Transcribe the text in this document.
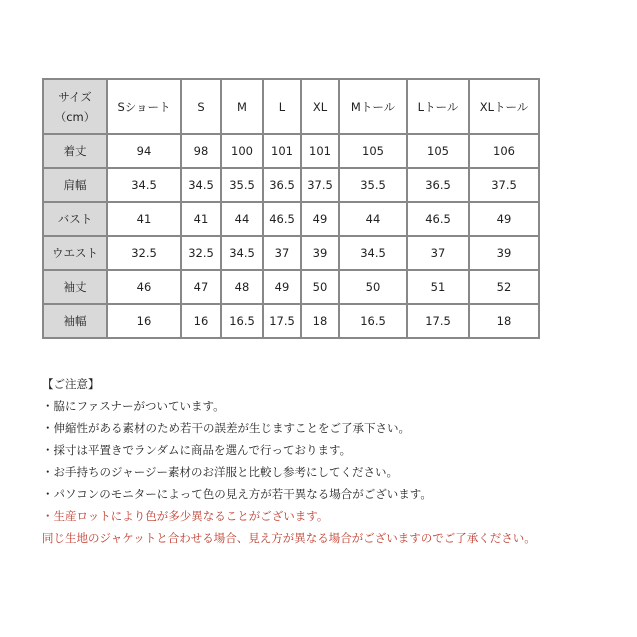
サイズ
（cm）	Sショート	S	M	L	XL	Mトール	Lトール	XLトール
着丈	94	98	100	101	101	105	105	106
肩幅	34.5	34.5	35.5	36.5	37.5	35.5	36.5	37.5
バスト	41	41	44	46.5	49	44	46.5	49
ウエスト	32.5	32.5	34.5	37	39	34.5	37	39
袖丈	46	47	48	49	50	50	51	52
袖幅	16	16	16.5	17.5	18	16.5	17.5	18
【ご注意】
・脇にファスナーがついています。
・伸縮性がある素材のため若干の誤差が生じますことをご了承下さい。
・採寸は平置きでランダムに商品を選んで行っております。
・お手持ちのジャージー素材のお洋服と比較し参考にしてください。
・パソコンのモニターによって色の見え方が若干異なる場合がございます。
・生産ロットにより色が多少異なることがございます。
同じ生地のジャケットと合わせる場合、見え方が異なる場合がございますのでご了承ください。
